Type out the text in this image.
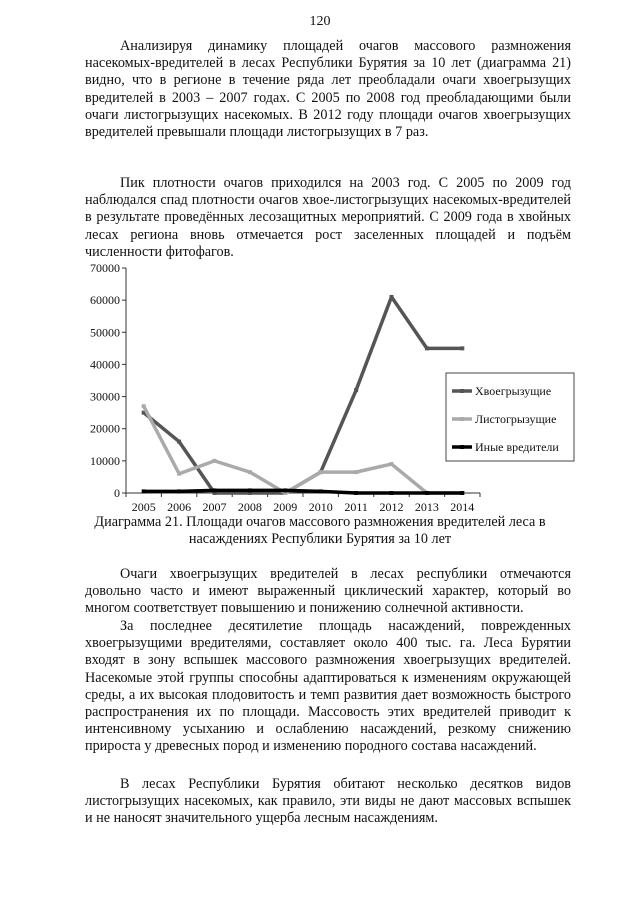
120

Анализируя динамику площадей очагов массового размножения насекомых-вредителей в лесах Республики Бурятия за 10 лет (диаграмма 21) видно, что в регионе в течение ряда лет преобладали очаги хвоегрызущих вредителей в 2003 – 2007 годах. С 2005 по 2008 год преобладающими были очаги листогрызущих насекомых. В 2012 году площади очагов хвоегрызущих вредителей превышали площади листогрызущих в 7 раз.

Пик плотности очагов приходился на 2003 год. С 2005 по 2009 год наблюдался спад плотности очагов хвое-листогрызущих насекомых-вредителей в результате проведённых лесозащитных мероприятий. С 2009 года в хвойных лесах региона вновь отмечается рост заселенных площадей и подъём численности фитофагов.

0
10000
20000
30000
40000
50000
60000
70000
2005 2006 2007 2008 2009 2010 2011 2012 2013 2014
Хвоегрызущие
Листогрызущие
Иные вредители

Диаграмма 21. Площади очагов массового размножения вредителей леса в насаждениях Республики Бурятия за 10 лет

Очаги хвоегрызущих вредителей в лесах республики отмечаются довольно часто и имеют выраженный циклический характер, который во многом соответствует повышению и понижению солнечной активности.

За последнее десятилетие площадь насаждений, поврежденных хвоегрызущими вредителями, составляет около 400 тыс. га. Леса Бурятии входят в зону вспышек массового размножения хвоегрызущих вредителей. Насекомые этой группы способны адаптироваться к изменениям окружающей среды, а их высокая плодовитость и темп развития дает возможность быстрого распространения их по площади. Массовость этих вредителей приводит к интенсивному усыханию и ослаблению насаждений, резкому снижению прироста у древесных пород и изменению породного состава насаждений.

В лесах Республики Бурятия обитают несколько десятков видов листогрызущих насекомых, как правило, эти виды не дают массовых вспышек и не наносят значительного ущерба лесным насаждениям.
